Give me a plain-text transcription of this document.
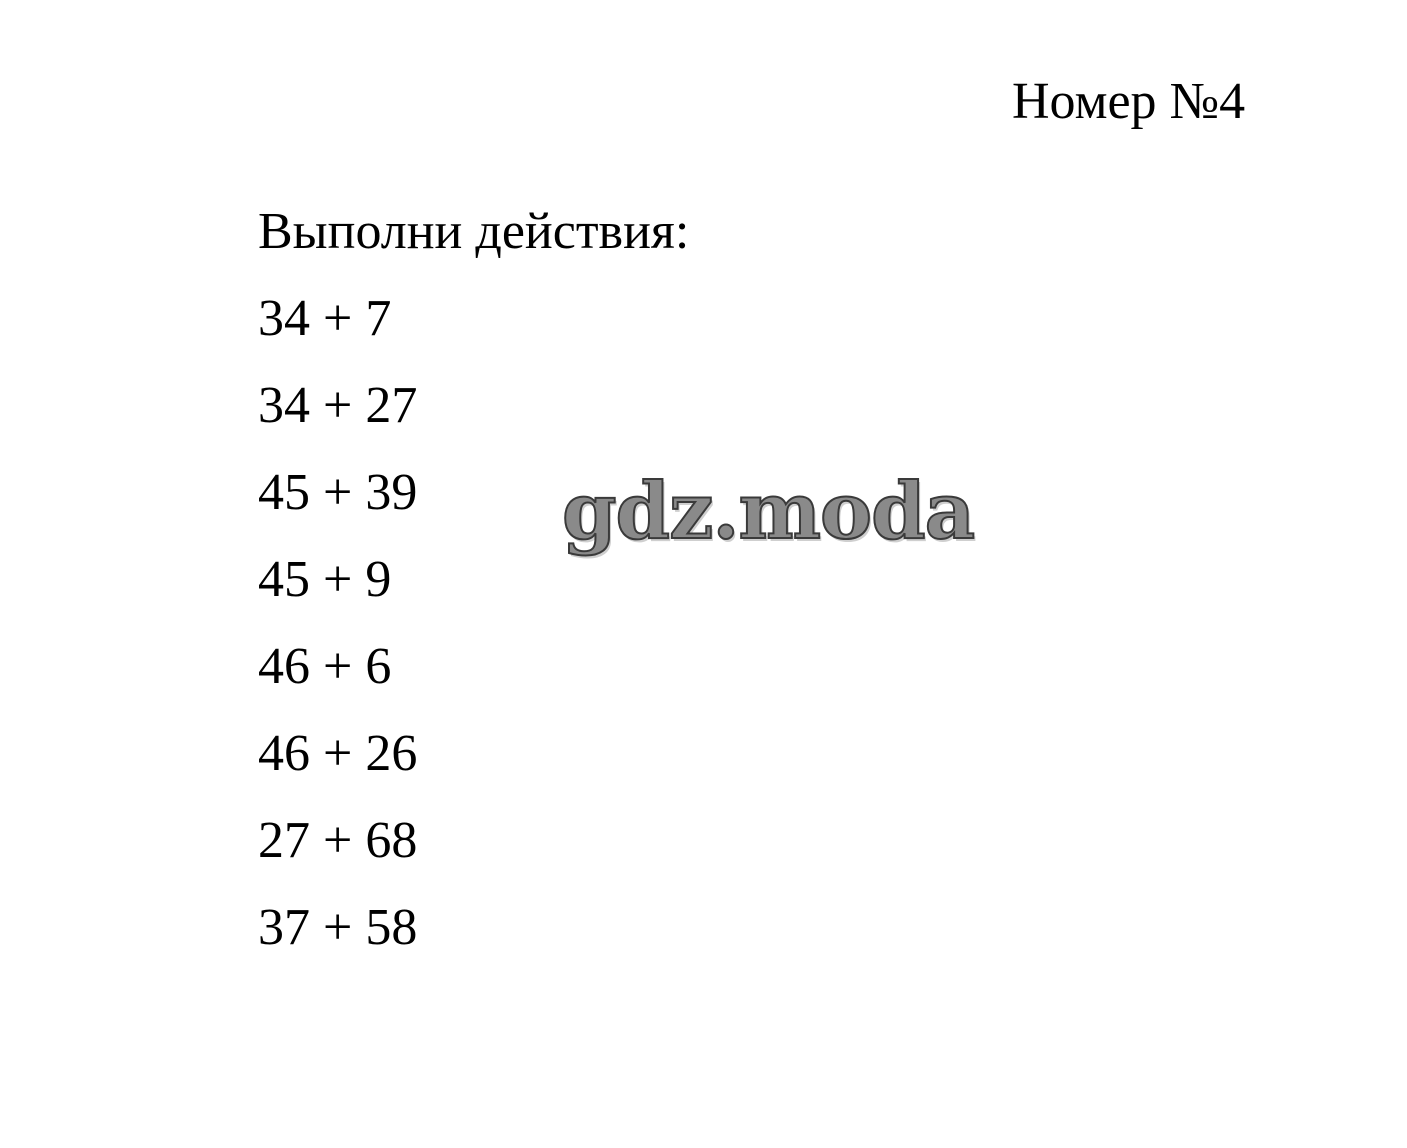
Номер №4
Выполни действия:
34 + 7
34 + 27
45 + 39
45 + 9
46 + 6
46 + 26
27 + 68
37 + 58
gdz.moda
